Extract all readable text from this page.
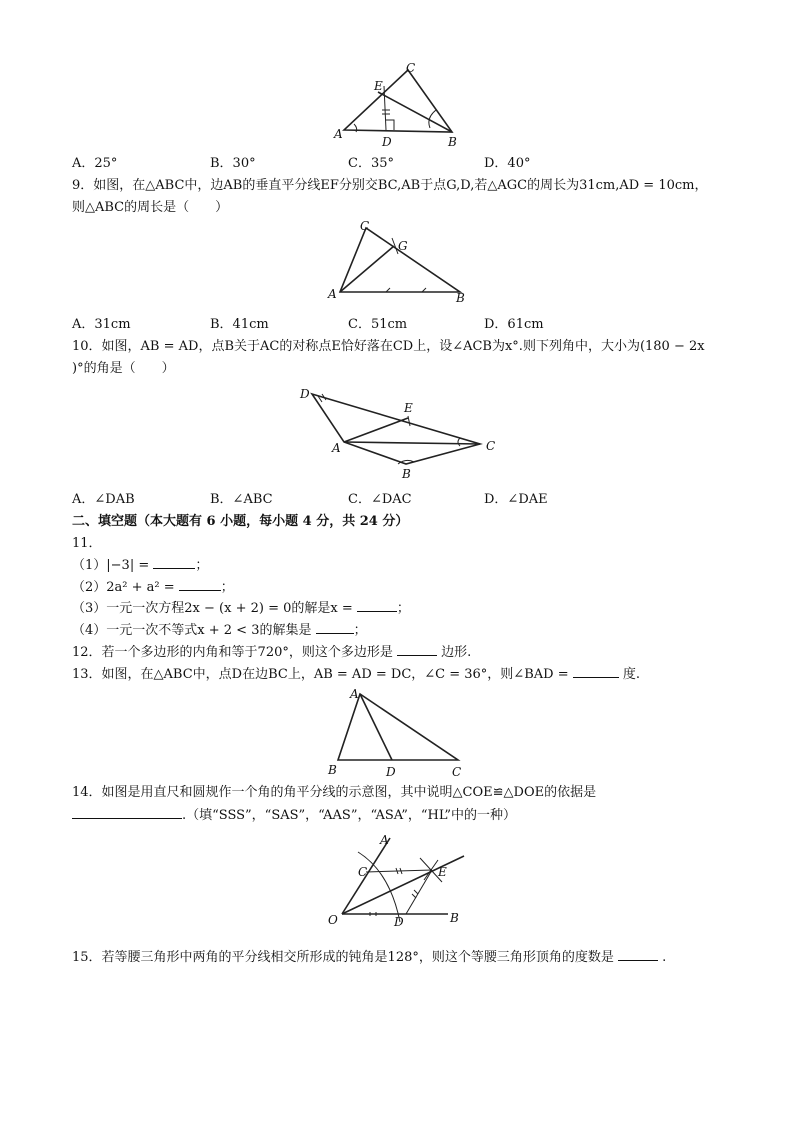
E
C
A
D	B
A．25°	B．30°	C．35°	D．40°
9．如图，在△ABC中，边AB的垂直平分线EF分别交BC,AB于点G,D,若△AGC的周长为31cm,AD = 10cm，
则△ABC的周长是（　　）
C
G
A	B
A．31cm	B．41cm	C．51cm	D．61cm
10．如图，AB = AD，点B关于AC的对称点E恰好落在CD上，设∠ACB为x°.则下列角中，大小为(180 − 2x
)°的角是（　　）
D
E
A	C
B
A．∠DAB	B．∠ABC	C．∠DAC	D．∠DAE
二、填空题（本大题有 6 小题，每小题 4 分，共 24 分）
11．
（1）|−3| =	；
（2）2a² + a² =	；
（3）一元一次方程2x − (x + 2) = 0的解是x =	；
（4）一元一次不等式x + 2 < 3的解集是	；
12．若一个多边形的内角和等于720°，则这个多边形是	边形.
13．如图，在△ABC中，点D在边BC上，AB = AD = DC，∠C = 36°，则∠BAD =	度.
A
B	D	C
14．如图是用直尺和圆规作一个角的角平分线的示意图，其中说明△COE≌△DOE的依据是
.（填“SSS”，“SAS”，“AAS”，“ASA”，“HL”中的一种）
A
C	E
O	D	B
15．若等腰三角形中两角的平分线相交所形成的钝角是128°，则这个等腰三角形顶角的度数是	.
